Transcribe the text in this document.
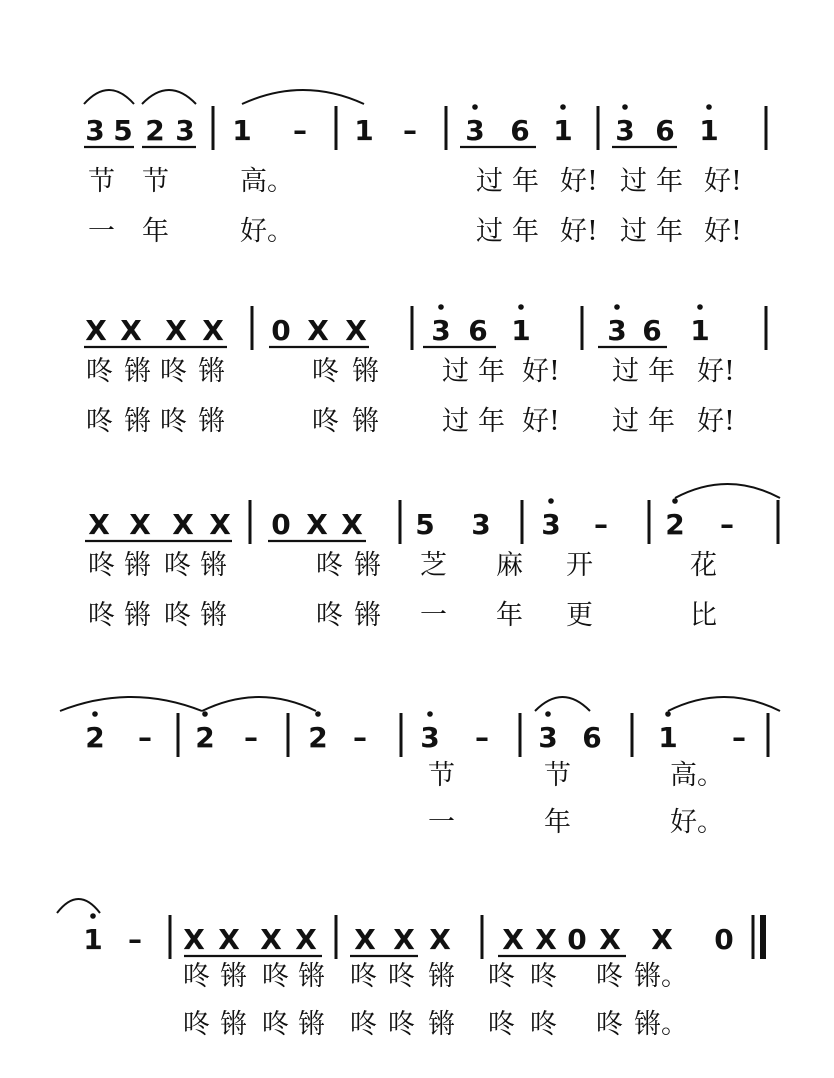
3 5 2 3 1 – 1 – 3 6 1 3 6 1
节 节	高。	过 年 好! 过 年 好!
一 年	好。	过 年 好! 过 年 好!
X X X X 0 X X 3 6 1	3 6 1
咚 锵 咚 锵	咚 锵 过 年 好! 过 年 好!
咚 锵 咚 锵	咚 锵 过 年 好! 过 年 好!
X X X X 0 X X 5 3 3 – 2 –
咚 锵 咚 锵	咚 锵 芝 麻 开	花
咚 锵 咚 锵	咚 锵 一 年 更	比
2 – 2 – 2 – 3 – 3 6 1 –
节	节	高。
一	年	好。
1 – X X X X X X X X X 0 X X 0
咚 锵 咚 锵 咚 咚 锵 咚 咚 咚 锵。
咚 锵 咚 锵 咚 咚 锵 咚 咚 咚 锵。
